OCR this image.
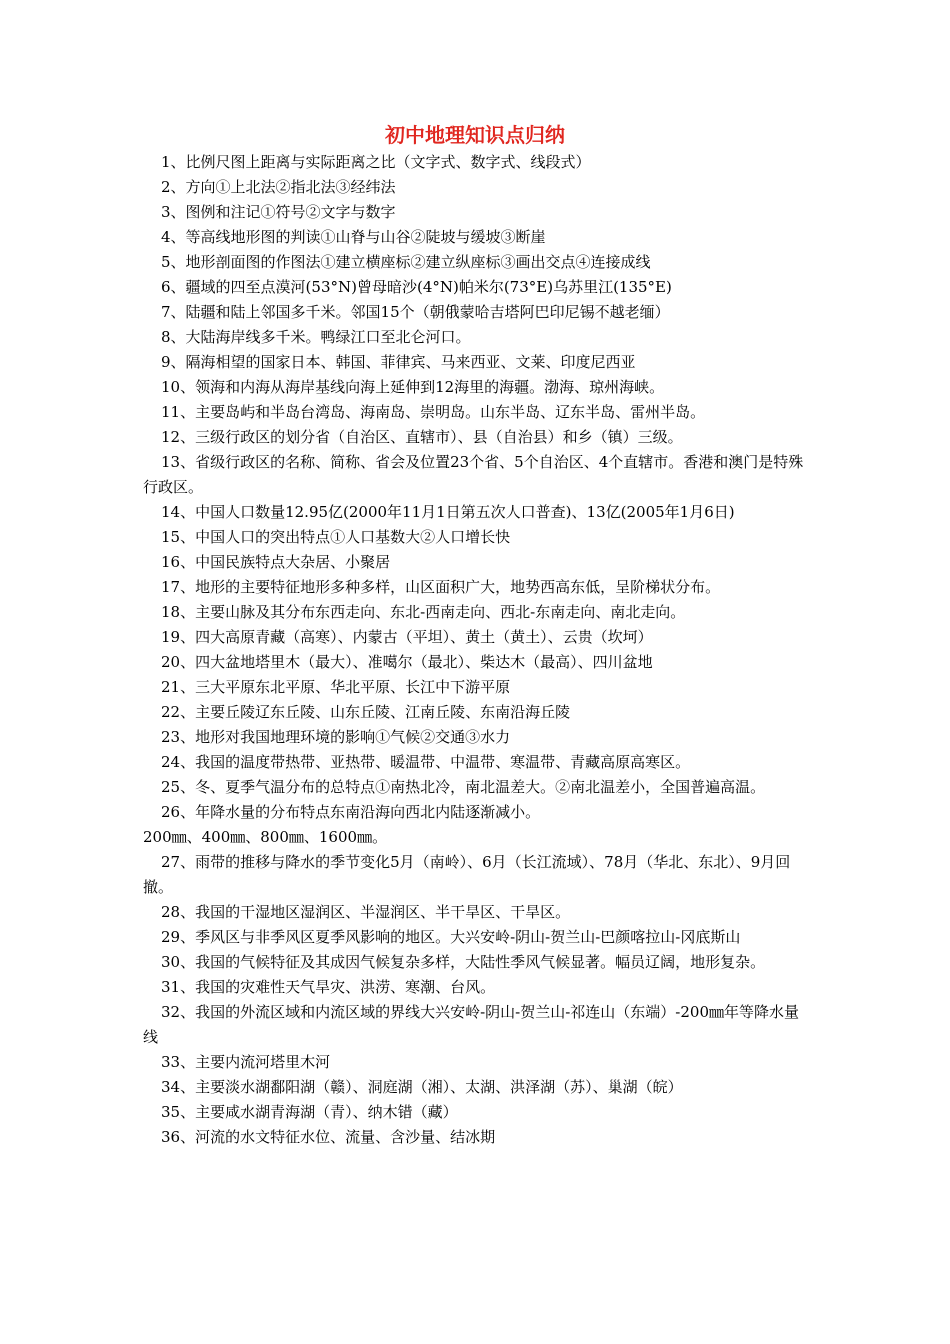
初中地理知识点归纳

1、比例尺图上距离与实际距离之比（文字式、数字式、线段式）

2、方向①上北法②指北法③经纬法

3、图例和注记①符号②文字与数字

4、等高线地形图的判读①山脊与山谷②陡坡与缓坡③断崖

5、地形剖面图的作图法①建立横座标②建立纵座标③画出交点④连接成线

6、疆域的四至点漠河(53°N)曾母暗沙(4°N)帕米尔(73°E)乌苏里江(135°E)

7、陆疆和陆上邻国多千米。邻国15个（朝俄蒙哈吉塔阿巴印尼锡不越老缅）

8、大陆海岸线多千米。鸭绿江口至北仑河口。

9、隔海相望的国家日本、韩国、菲律宾、马来西亚、文莱、印度尼西亚

10、领海和内海从海岸基线向海上延伸到12海里的海疆。渤海、琼州海峡。

11、主要岛屿和半岛台湾岛、海南岛、崇明岛。山东半岛、辽东半岛、雷州半岛。

12、三级行政区的划分省（自治区、直辖市）、县（自治县）和乡（镇）三级。

13、省级行政区的名称、简称、省会及位置23个省、5个自治区、4个直辖市。香港和澳门是特殊行政区。

14、中国人口数量12.95亿(2000年11月1日第五次人口普查)、13亿(2005年1月6日)

15、中国人口的突出特点①人口基数大②人口增长快

16、中国民族特点大杂居、小聚居

17、地形的主要特征地形多种多样，山区面积广大，地势西高东低，呈阶梯状分布。

18、主要山脉及其分布东西走向、东北-西南走向、西北-东南走向、南北走向。

19、四大高原青藏（高寒）、内蒙古（平坦）、黄土（黄土）、云贵（坎坷）

20、四大盆地塔里木（最大）、准噶尔（最北）、柴达木（最高）、四川盆地

21、三大平原东北平原、华北平原、长江中下游平原

22、主要丘陵辽东丘陵、山东丘陵、江南丘陵、东南沿海丘陵

23、地形对我国地理环境的影响①气候②交通③水力

24、我国的温度带热带、亚热带、暖温带、中温带、寒温带、青藏高原高寒区。

25、冬、夏季气温分布的总特点①南热北冷，南北温差大。②南北温差小，全国普遍高温。

26、年降水量的分布特点东南沿海向西北内陆逐渐减小。

200㎜、400㎜、800㎜、1600㎜。

27、雨带的推移与降水的季节变化5月（南岭）、6月（长江流域）、78月（华北、东北）、9月回撤。

28、我国的干湿地区湿润区、半湿润区、半干旱区、干旱区。

29、季风区与非季风区夏季风影响的地区。大兴安岭-阴山-贺兰山-巴颜喀拉山-冈底斯山

30、我国的气候特征及其成因气候复杂多样，大陆性季风气候显著。幅员辽阔，地形复杂。

31、我国的灾难性天气旱灾、洪涝、寒潮、台风。

32、我国的外流区域和内流区域的界线大兴安岭-阴山-贺兰山-祁连山（东端）-200㎜年等降水量线

33、主要内流河塔里木河

34、主要淡水湖鄱阳湖（赣）、洞庭湖（湘）、太湖、洪泽湖（苏）、巢湖（皖）

35、主要咸水湖青海湖（青）、纳木错（藏）

36、河流的水文特征水位、流量、含沙量、结冰期
